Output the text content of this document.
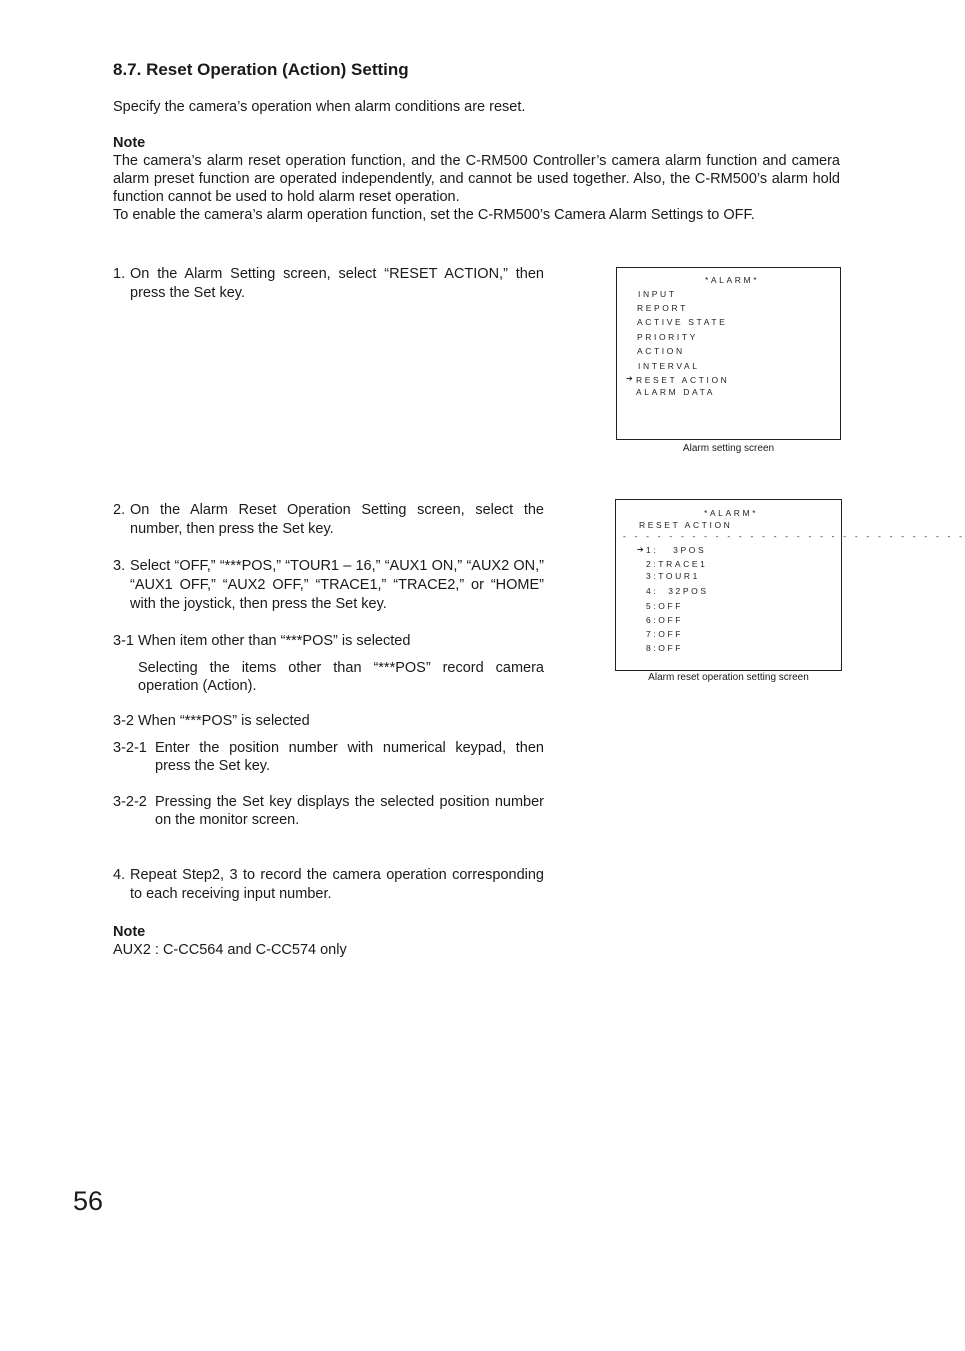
8.7. Reset Operation (Action) Setting
Specify the camera’s operation when alarm conditions are reset.
Note
The camera’s alarm reset operation function, and the C-RM500 Controller’s camera alarm function and camera alarm preset function are operated independently, and cannot be used together. Also, the C-RM500’s alarm hold function cannot be used to hold alarm reset operation.
To enable the camera’s alarm operation function, set the C-RM500’s Camera Alarm Settings to OFF.
1. On the Alarm Setting screen, select “RESET ACTION,” then press the Set key.
*ALARM*
INPUT
REPORT
ACTIVE STATE
PRIORITY
ACTION
INTERVAL
➔ RESET ACTION
ALARM DATA
Alarm setting screen
2. On the Alarm Reset Operation Setting screen, select the number, then press the Set key.
3. Select “OFF,” “***POS,” “TOUR1 – 16,” “AUX1 ON,” “AUX2 ON,” “AUX1 OFF,” “AUX2 OFF,” “TRACE1,” “TRACE2,” or “HOME” with the joystick, then press the Set key.
3-1 When item other than “***POS” is selected
Selecting the items other than “***POS” record camera operation (Action).
3-2 When “***POS” is selected
3-2-1 Enter the position number with numerical keypad, then press the Set key.
3-2-2 Pressing the Set key displays the selected position number on the monitor screen.
4. Repeat Step2, 3 to record the camera operation corresponding to each receiving input number.
Note
AUX2 : C-CC564 and C-CC574 only
*ALARM*
RESET ACTION
- - - - - - - - - - - - - - - - - - - - - - - - - - - - - -
➔ 1:   3POS
2:TRACE1
3:TOUR1
4:  32POS
5:OFF
6:OFF
7:OFF
8:OFF
Alarm reset operation setting screen
56
